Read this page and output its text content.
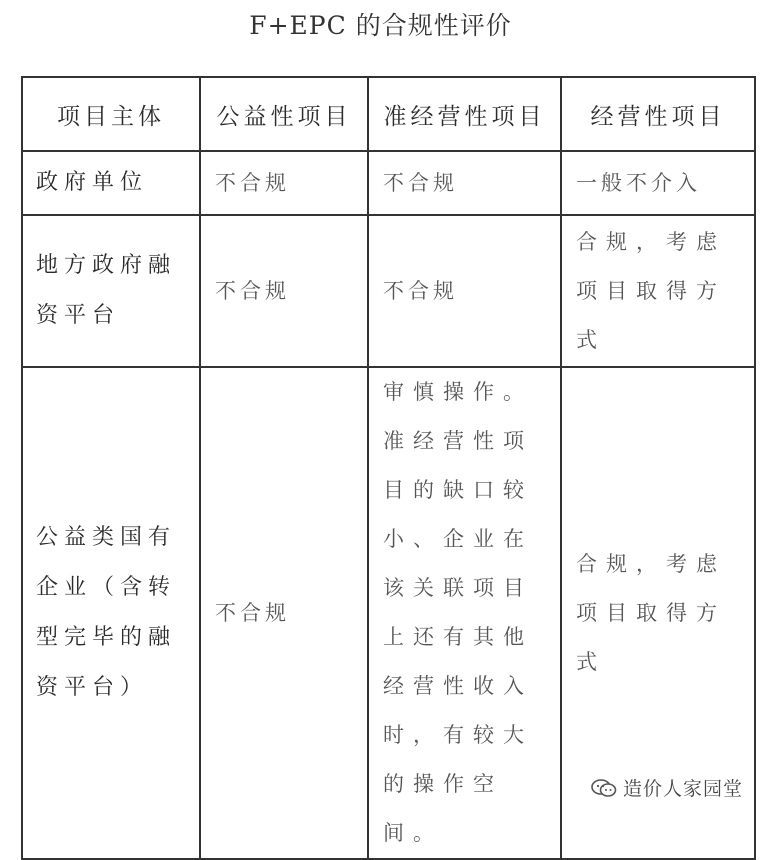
F+EPC 的合规性评价
项目主体	公益性项目	准经营性项目	经营性项目
政府单位	不合规	不合规	一般不介入
地方政府融资平台	不合规	不合规	合规，考虑项目取得方式
公益类国有企业（含转型完毕的融资平台）	不合规	审慎操作。准经营性项目的缺口较小、企业在该关联项目上还有其他经营性收入时，有较大的操作空间。	合规，考虑项目取得方式
造价人家园堂
